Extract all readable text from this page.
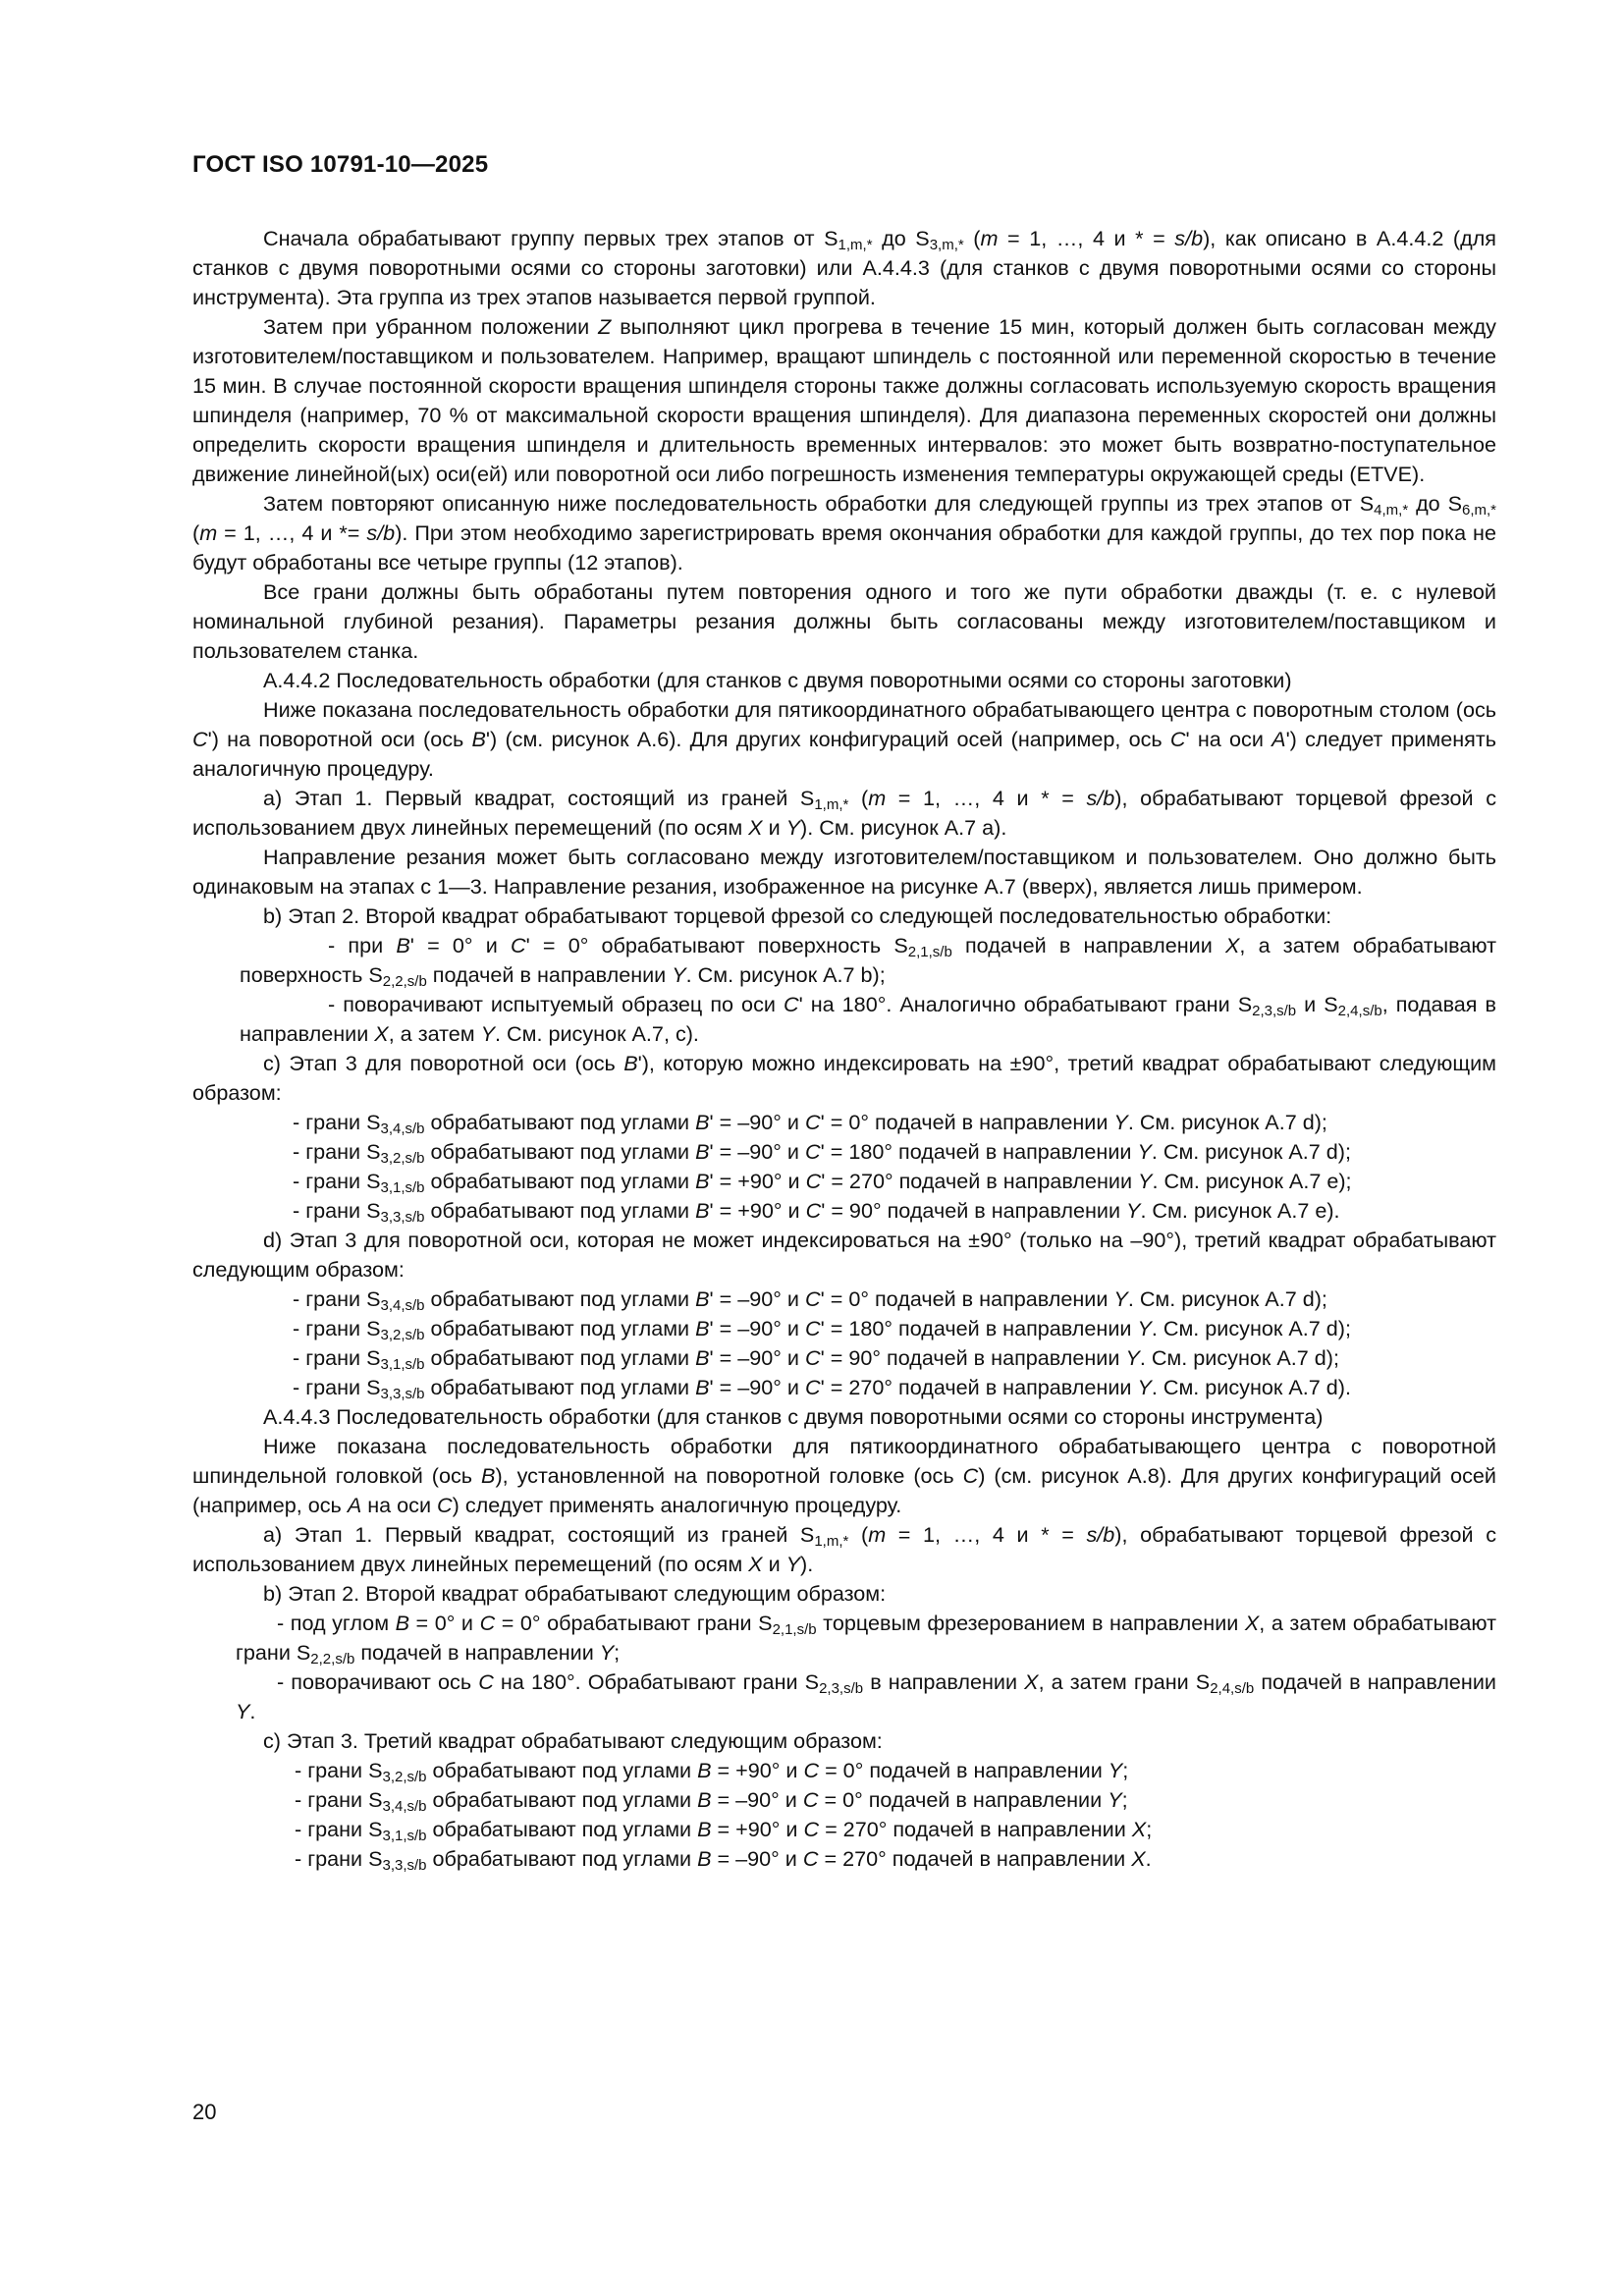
ГОСТ ISO 10791-10—2025

Сначала обрабатывают группу первых трех этапов от $S_{1,m,*}$ до $S_{3,m,*}$ (m = 1, …, 4 и * = s/b), как описано в А.4.4.2 (для станков с двумя поворотными осями со стороны заготовки) или А.4.4.3 (для станков с двумя поворотными осями со стороны инструмента). Эта группа из трех этапов называется первой группой.

Затем при убранном положении Z выполняют цикл прогрева в течение 15 мин, который должен быть согласован между изготовителем/поставщиком и пользователем. Например, вращают шпиндель с постоянной или переменной скоростью в течение 15 мин. В случае постоянной скорости вращения шпинделя стороны также должны согласовать используемую скорость вращения шпинделя (например, 70 % от максимальной скорости вращения шпинделя). Для диапазона переменных скоростей они должны определить скорости вращения шпинделя и длительность временных интервалов: это может быть возвратно-поступательное движение линейной(ых) оси(ей) или поворотной оси либо погрешность изменения температуры окружающей среды (ETVE).

Затем повторяют описанную ниже последовательность обработки для следующей группы из трех этапов от $S_{4,m,*}$ до $S_{6,m,*}$ (m = 1, …, 4 и *= s/b). При этом необходимо зарегистрировать время окончания обработки для каждой группы, до тех пор пока не будут обработаны все четыре группы (12 этапов).

Все грани должны быть обработаны путем повторения одного и того же пути обработки дважды (т. е. с нулевой номинальной глубиной резания). Параметры резания должны быть согласованы между изготовителем/поставщиком и пользователем станка.

А.4.4.2 Последовательность обработки (для станков с двумя поворотными осями со стороны заготовки)

Ниже показана последовательность обработки для пятикоординатного обрабатывающего центра с поворотным столом (ось C') на поворотной оси (ось B') (см. рисунок А.6). Для других конфигураций осей (например, ось C' на оси A') следует применять аналогичную процедуру.

a) Этап 1. Первый квадрат, состоящий из граней $S_{1,m,*}$ (m = 1, …, 4 и * = s/b), обрабатывают торцевой фрезой с использованием двух линейных перемещений (по осям X и Y). См. рисунок А.7 a).

Направление резания может быть согласовано между изготовителем/поставщиком и пользователем. Оно должно быть одинаковым на этапах с 1—3. Направление резания, изображенное на рисунке А.7 (вверх), является лишь примером.

b) Этап 2. Второй квадрат обрабатывают торцевой фрезой со следующей последовательностью обработки:

- при B' = 0° и C' = 0° обрабатывают поверхность $S_{2,1,s/b}$ подачей в направлении X, а затем обрабатывают поверхность $S_{2,2,s/b}$ подачей в направлении Y. См. рисунок А.7 b);

- поворачивают испытуемый образец по оси C' на 180°. Аналогично обрабатывают грани $S_{2,3,s/b}$ и $S_{2,4,s/b}$, подавая в направлении X, а затем Y. См. рисунок А.7, с).

c) Этап 3 для поворотной оси (ось B'), которую можно индексировать на ±90°, третий квадрат обрабатывают следующим образом:

- грани $S_{3,4,s/b}$ обрабатывают под углами B' = –90° и C' = 0° подачей в направлении Y. См. рисунок А.7 d);

- грани $S_{3,2,s/b}$ обрабатывают под углами B' = –90° и C' = 180° подачей в направлении Y. См. рисунок А.7 d);

- грани $S_{3,1,s/b}$ обрабатывают под углами B' = +90° и C' = 270° подачей в направлении Y. См. рисунок А.7 e);

- грани $S_{3,3,s/b}$ обрабатывают под углами B' = +90° и C' = 90° подачей в направлении Y. См. рисунок А.7 e).

d) Этап 3 для поворотной оси, которая не может индексироваться на ±90° (только на –90°), третий квадрат обрабатывают следующим образом:

- грани $S_{3,4,s/b}$ обрабатывают под углами B' = –90° и C' = 0° подачей в направлении Y. См. рисунок А.7 d);

- грани $S_{3,2,s/b}$ обрабатывают под углами B' = –90° и C' = 180° подачей в направлении Y. См. рисунок А.7 d);

- грани $S_{3,1,s/b}$ обрабатывают под углами B' = –90° и C' = 90° подачей в направлении Y. См. рисунок А.7 d);

- грани $S_{3,3,s/b}$ обрабатывают под углами B' = –90° и C' = 270° подачей в направлении Y. См. рисунок А.7 d).

А.4.4.3 Последовательность обработки (для станков с двумя поворотными осями со стороны инструмента)

Ниже показана последовательность обработки для пятикоординатного обрабатывающего центра с поворотной шпиндельной головкой (ось B), установленной на поворотной головке (ось C) (см. рисунок А.8). Для других конфигураций осей (например, ось A на оси C) следует применять аналогичную процедуру.

a) Этап 1. Первый квадрат, состоящий из граней $S_{1,m,*}$ (m = 1, …, 4 и * = s/b), обрабатывают торцевой фрезой с использованием двух линейных перемещений (по осям X и Y).

b) Этап 2. Второй квадрат обрабатывают следующим образом:

- под углом B = 0° и C = 0° обрабатывают грани $S_{2,1,s/b}$ торцевым фрезерованием в направлении X, а затем обрабатывают грани $S_{2,2,s/b}$ подачей в направлении Y;

- поворачивают ось C на 180°. Обрабатывают грани $S_{2,3,s/b}$ в направлении X, а затем грани $S_{2,4,s/b}$ подачей в направлении Y.

c) Этап 3. Третий квадрат обрабатывают следующим образом:

- грани $S_{3,2,s/b}$ обрабатывают под углами B = +90° и C = 0° подачей в направлении Y;

- грани $S_{3,4,s/b}$ обрабатывают под углами B = –90° и C = 0° подачей в направлении Y;

- грани $S_{3,1,s/b}$ обрабатывают под углами B = +90° и C = 270° подачей в направлении X;

- грани $S_{3,3,s/b}$ обрабатывают под углами B = –90° и C = 270° подачей в направлении X.

20
